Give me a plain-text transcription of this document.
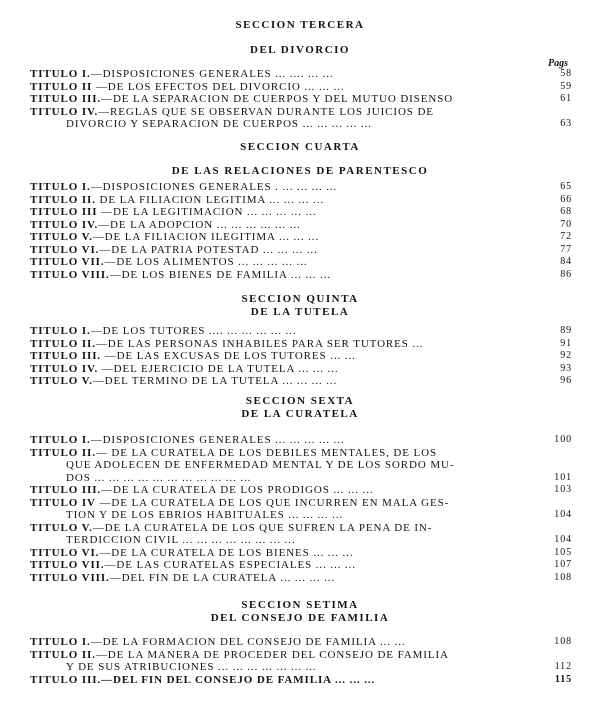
SECCION TERCERA
DEL DIVORCIO
Pags
TITULO I.—DISPOSICIONES GENERALES ... .... ... ...	58
TITULO II —DE LOS EFECTOS DEL DIVORCIO ... ... ...	59
TITULO III.—DE LA SEPARACION DE CUERPOS Y DEL MUTUO DISENSO	61
TITULO IV.—REGLAS QUE SE OBSERVAN DURANTE LOS JUICIOS DE
DIVORCIO Y SEPARACION DE CUERPOS ... ... ... ... ...	63
SECCION CUARTA
DE LAS RELACIONES DE PARENTESCO
TITULO I.—DISPOSICIONES GENERALES . ... ... ... ...	65
TITULO II. DE LA FILIACION LEGITIMA ... ... ... ...	66
TITULO III —DE LA LEGITIMACION ... ... ... ... ...	68
TITULO IV.—DE LA ADOPCION ... ... ... ... ... ...	70
TITULO V.—DE LA FILIACION ILEGITIMA ... ... ...	72
TITULO VI.—DE LA PATRIA POTESTAD ... ... ... ...	77
TITULO VII.—DE LOS ALIMENTOS ... ... ... ... ...	84
TITULO VIII.—DE LOS BIENES DE FAMILIA ... ... ...	86
SECCION QUINTA
DE LA TUTELA
TITULO I.—DE LOS TUTORES .... ... ... ... ... ...	89
TITULO II.—DE LAS PERSONAS INHABILES PARA SER TUTORES ...	91
TITULO III. —DE LAS EXCUSAS DE LOS TUTORES ... ...	92
TITULO IV. —DEL EJERCICIO DE LA TUTELA ... ... ...	93
TITULO V.—DEL TERMINO DE LA TUTELA ... ... ... ...	96
SECCION SEXTA
DE LA CURATELA
TITULO I.—DISPOSICIONES GENERALES ... ... ... ... ...	100
TITULO II.— DE LA CURATELA DE LOS DEBILES MENTALES, DE LOS
QUE ADOLECEN DE ENFERMEDAD MENTAL Y DE LOS SORDO MU-
DOS ... ... ... ... ... ... ... ... ... ... ...	101
TITULO III.—DE LA CURATELA DE LOS PRODIGOS ... ... ...	103
TITULO IV —DE LA CURATELA DE LOS QUE INCURREN EN MALA GES-
TION Y DE LOS EBRIOS HABITUALES ... ... ... ...	104
TITULO V.—DE LA CURATELA DE LOS QUE SUFREN LA PENA DE IN-
TERDICCION CIVIL ... ... ... ... ... ... ... ...	104
TITULO VI.—DE LA CURATELA DE LOS BIENES ... ... ...	105
TITULO VII.—DE LAS CURATELAS ESPECIALES ... ... ...	107
TITULO VIII.—DEL FIN DE LA CURATELA ... ... ... ...	108
SECCION SETIMA
DEL CONSEJO DE FAMILIA
TITULO I.—DE LA FORMACION DEL CONSEJO DE FAMILIA ... ...	108
TITULO II.—DE LA MANERA DE PROCEDER DEL CONSEJO DE FAMILIA
Y DE SUS ATRIBUCIONES ... ... ... ... ... ... ...	112
TITULO III.—DEL FIN DEL CONSEJO DE FAMILIA ... ... ...	115
